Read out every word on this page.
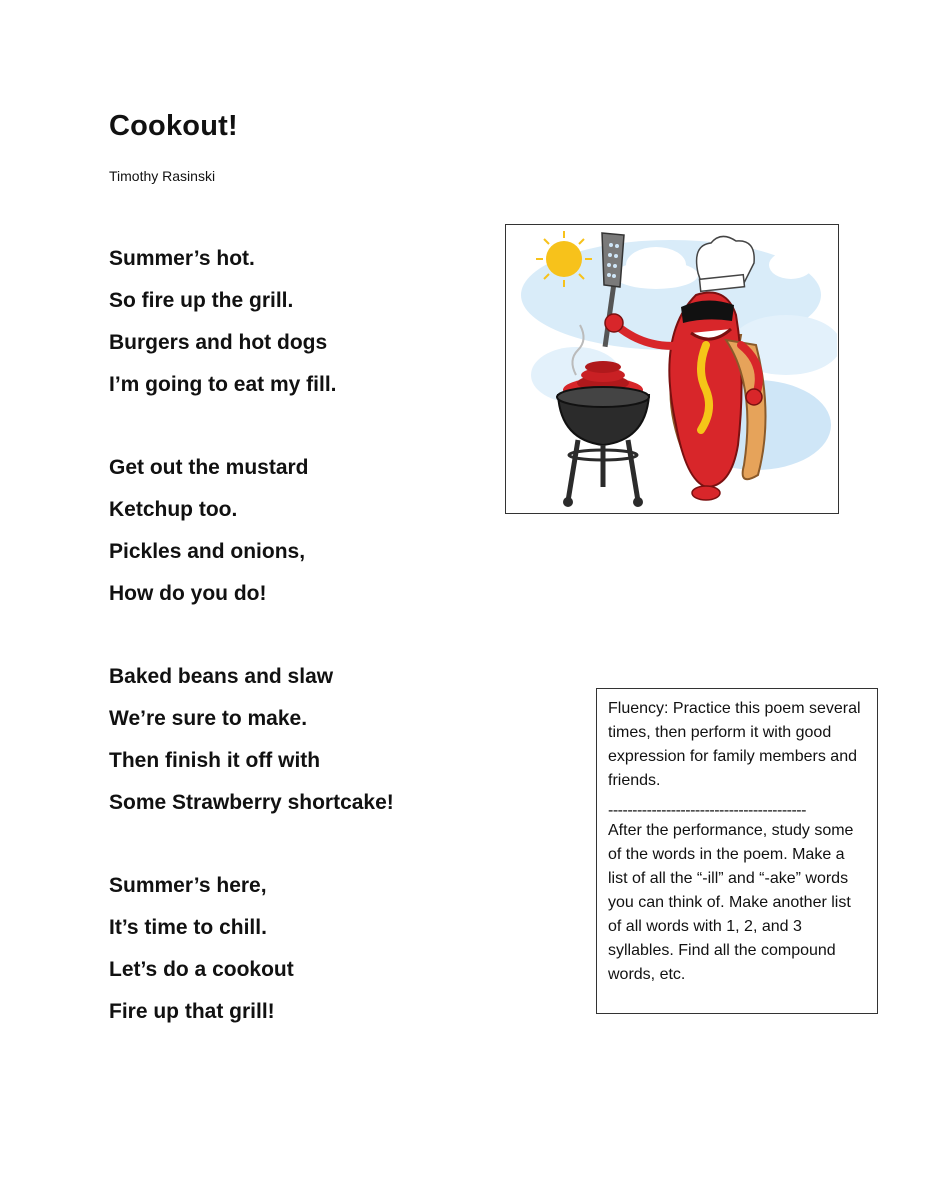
Cookout!
Timothy Rasinski
Summer’s hot.
So fire up the grill.
Burgers and hot dogs
I’m going to eat my fill.
Get out the mustard
Ketchup too.
Pickles and onions,
How do you do!
Baked beans and slaw
We’re sure to make.
Then finish it off with
Some Strawberry shortcake!
Summer’s here,
It’s time to chill.
Let’s do a cookout
Fire up that grill!

Fluency: Practice this poem several times, then perform it with good expression for family members and friends.

-----------------------------------------

After the performance, study some of the words in the poem. Make a list of all the “-ill” and “-ake” words you can think of. Make another list of all words with 1, 2, and 3 syllables. Find all the compound words, etc.
